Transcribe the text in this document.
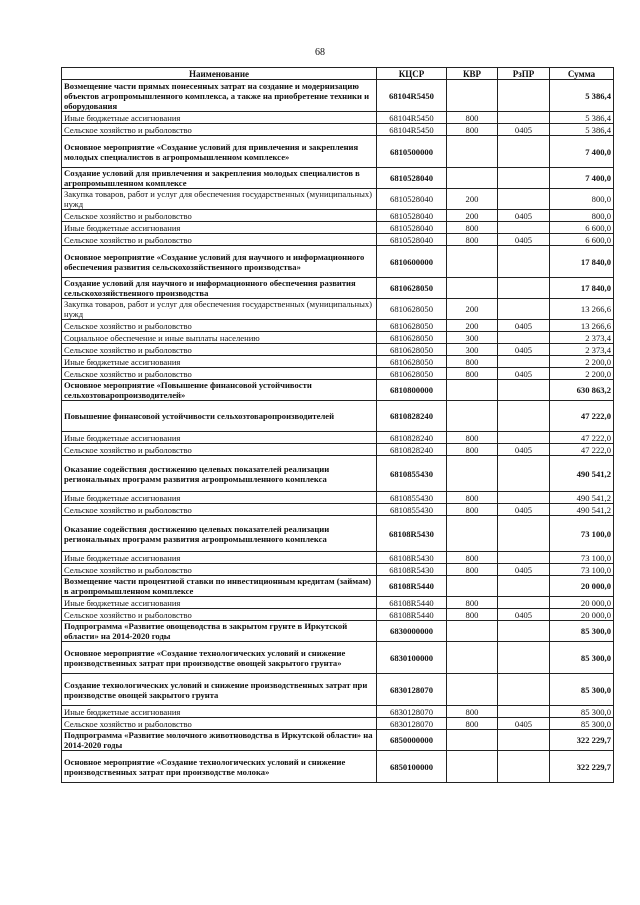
68
Наименование	КЦСР	КВР	РзПР	Сумма
Возмещение части прямых понесенных затрат на создание и модернизацию объектов агропромышленного комплекса, а также на приобретение техники и оборудования	68104R5450			5 386,4
Иные бюджетные ассигнования	68104R5450	800		5 386,4
Сельское хозяйство и рыболовство	68104R5450	800	0405	5 386,4
Основное мероприятие «Создание условий для привлечения и закрепления молодых специалистов в агропромышленном комплексе»	6810500000			7 400,0
Создание условий для привлечения и закрепления молодых специалистов в агропромышленном комплексе	6810528040			7 400,0
Закупка товаров, работ и услуг для обеспечения государственных (муниципальных) нужд	6810528040	200		800,0
Сельское хозяйство и рыболовство	6810528040	200	0405	800,0
Иные бюджетные ассигнования	6810528040	800		6 600,0
Сельское хозяйство и рыболовство	6810528040	800	0405	6 600,0
Основное мероприятие «Создание условий для научного и информационного обеспечения развития сельскохозяйственного производства»	6810600000			17 840,0
Создание условий для научного и информационного обеспечения развития сельскохозяйственного производства	6810628050			17 840,0
Закупка товаров, работ и услуг для обеспечения государственных (муниципальных) нужд	6810628050	200		13 266,6
Сельское хозяйство и рыболовство	6810628050	200	0405	13 266,6
Социальное обеспечение и иные выплаты населению	6810628050	300		2 373,4
Сельское хозяйство и рыболовство	6810628050	300	0405	2 373,4
Иные бюджетные ассигнования	6810628050	800		2 200,0
Сельское хозяйство и рыболовство	6810628050	800	0405	2 200,0
Основное мероприятие «Повышение финансовой устойчивости сельхозтоваропроизводителей»	6810800000			630 863,2
Повышение финансовой устойчивости сельхозтоваропроизводителей	6810828240			47 222,0
Иные бюджетные ассигнования	6810828240	800		47 222,0
Сельское хозяйство и рыболовство	6810828240	800	0405	47 222,0
Оказание содействия достижению целевых показателей реализации региональных программ развития агропромышленного комплекса	6810855430			490 541,2
Иные бюджетные ассигнования	6810855430	800		490 541,2
Сельское хозяйство и рыболовство	6810855430	800	0405	490 541,2
Оказание содействия достижению целевых показателей реализации региональных программ развития агропромышленного комплекса	68108R5430			73 100,0
Иные бюджетные ассигнования	68108R5430	800		73 100,0
Сельское хозяйство и рыболовство	68108R5430	800	0405	73 100,0
Возмещение части процентной ставки по инвестиционным кредитам (займам) в агропромышленном комплексе	68108R5440			20 000,0
Иные бюджетные ассигнования	68108R5440	800		20 000,0
Сельское хозяйство и рыболовство	68108R5440	800	0405	20 000,0
Подпрограмма «Развитие овощеводства в закрытом грунте в Иркутской области» на 2014-2020 годы	6830000000			85 300,0
Основное мероприятие «Создание технологических условий и снижение производственных затрат при производстве овощей закрытого грунта»	6830100000			85 300,0
Создание технологических условий и снижение производственных затрат при производстве овощей закрытого грунта	6830128070			85 300,0
Иные бюджетные ассигнования	6830128070	800		85 300,0
Сельское хозяйство и рыболовство	6830128070	800	0405	85 300,0
Подпрограмма «Развитие молочного животноводства в Иркутской области» на 2014-2020 годы	6850000000			322 229,7
Основное мероприятие «Создание технологических условий и снижение производственных затрат при производстве молока»	6850100000			322 229,7
